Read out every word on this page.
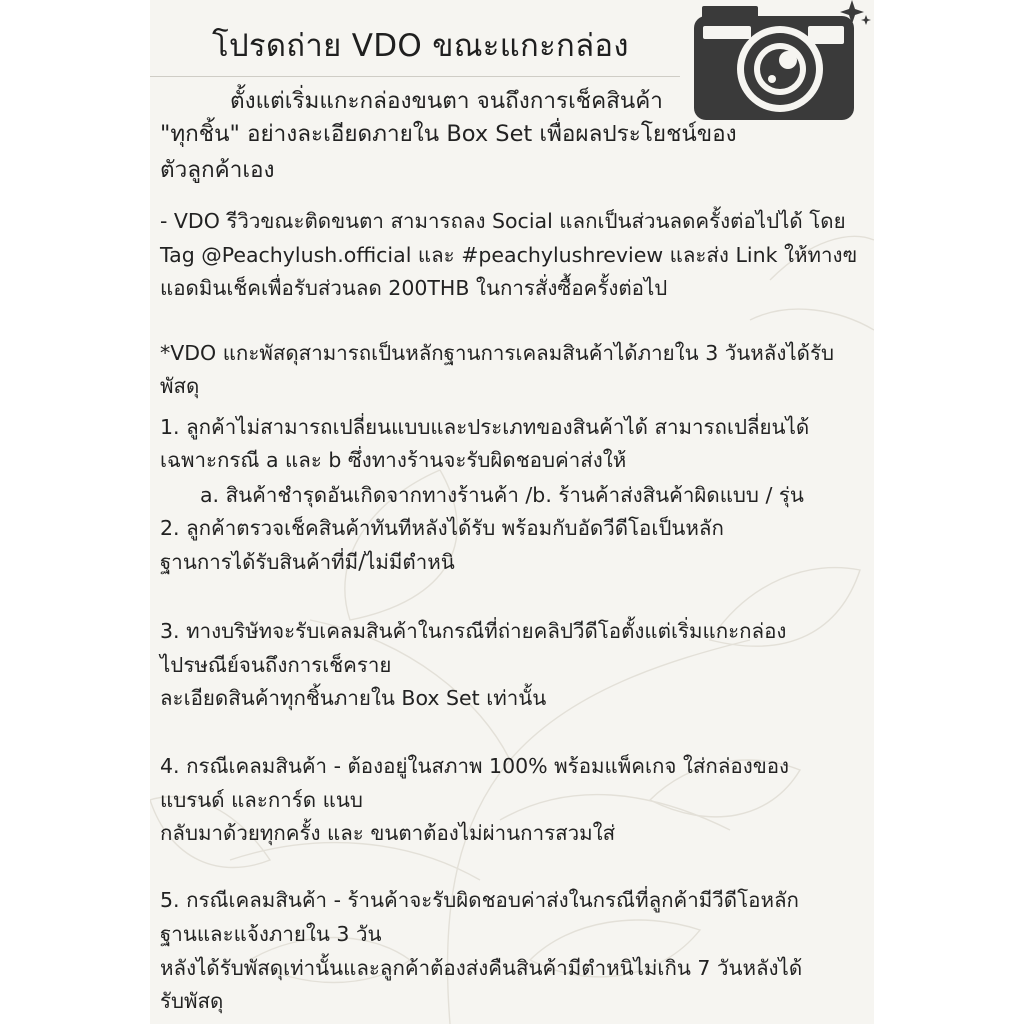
โปรดถ่าย VDO ขณะแกะกล่อง
ตั้งแต่เริ่มแกะกล่องขนตา จนถึงการเช็คสินค้า
"ทุกชิ้น" อย่างละเอียดภายใน Box Set เพื่อผลประโยชน์ของ
ตัวลูกค้าเอง
- VDO รีวิวขณะติดขนตา สามารถลง Social แลกเป็นส่วนลดครั้งต่อไปได้ โดย
Tag @Peachylush.official และ #peachylushreview และส่ง Link ให้ทางฃ
แอดมินเช็คเพื่อรับส่วนลด 200THB ในการสั่งซื้อครั้งต่อไป
*VDO แกะพัสดุสามารถเป็นหลักฐานการเคลมสินค้าได้ภายใน 3 วันหลังได้รับ
พัสดุ
1. ลูกค้าไม่สามารถเปลี่ยนแบบและประเภทของสินค้าได้ สามารถเปลี่ยนได้
เฉพาะกรณี a และ b ซึ่งทางร้านจะรับผิดชอบค่าส่งให้
a. สินค้าชำรุดอันเกิดจากทางร้านค้า /b. ร้านค้าส่งสินค้าผิดแบบ / รุ่น
2. ลูกค้าตรวจเช็คสินค้าทันทีหลังได้รับ พร้อมกับอัดวีดีโอเป็นหลัก
ฐานการได้รับสินค้าที่มี/ไม่มีตำหนิ
3. ทางบริษัทจะรับเคลมสินค้าในกรณีที่ถ่ายคลิปวีดีโอตั้งแต่เริ่มแกะกล่อง
ไปรษณีย์จนถึงการเช็คราย
ละเอียดสินค้าทุกชิ้นภายใน Box Set เท่านั้น
4. กรณีเคลมสินค้า - ต้องอยู่ในสภาพ 100% พร้อมแพ็คเกจ ใส่กล่องของ
แบรนด์ และการ์ด แนบ
กลับมาด้วยทุกครั้ง และ ขนตาต้องไม่ผ่านการสวมใส่
5. กรณีเคลมสินค้า - ร้านค้าจะรับผิดชอบค่าส่งในกรณีที่ลูกค้ามีวีดีโอหลัก
ฐานและแจ้งภายใน 3 วัน
หลังได้รับพัสดุเท่านั้นและลูกค้าต้องส่งคืนสินค้ามีตำหนิไม่เกิน 7 วันหลังได้
รับพัสดุ
